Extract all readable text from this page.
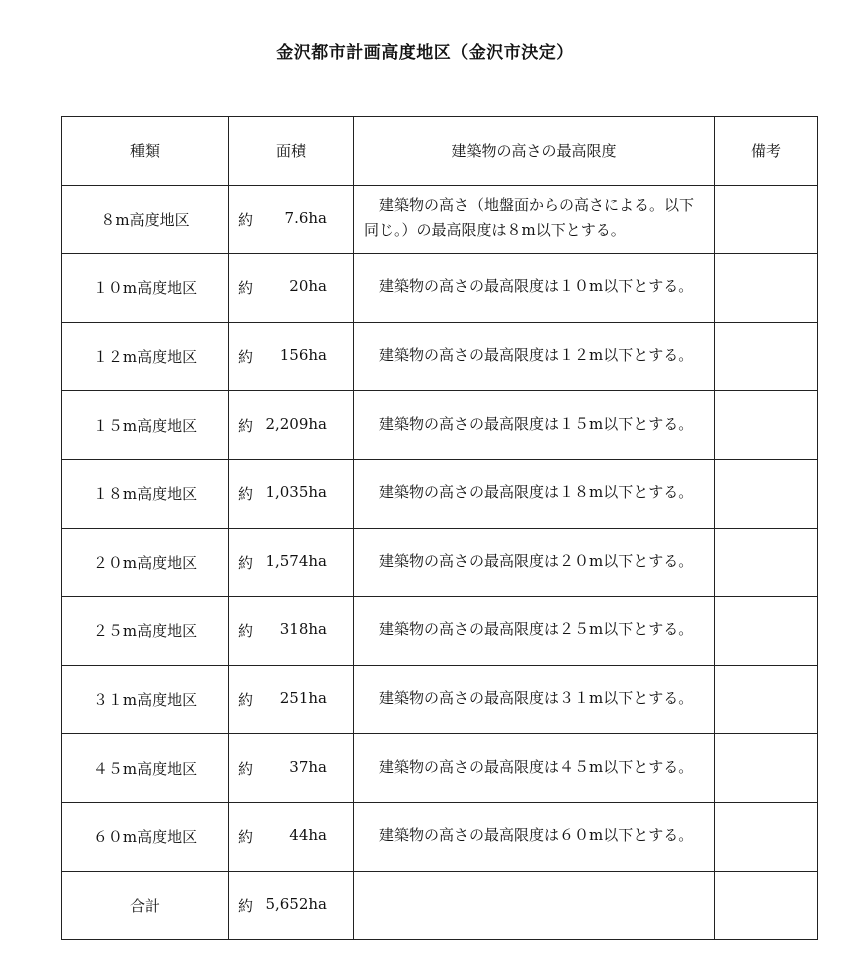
金沢都市計画高度地区（金沢市決定）
種類	面積	建築物の高さの最高限度	備考
８m高度地区	約 7.6ha	建築物の高さ（地盤面からの高さによる。以下同じ。）の最高限度は８m以下とする。	

１０m高度地区	約 20ha	建築物の高さの最高限度は１０m以下とする。	

１２m高度地区	約 156ha	建築物の高さの最高限度は１２m以下とする。	

１５m高度地区	約 2,209ha	建築物の高さの最高限度は１５m以下とする。	

１８m高度地区	約 1,035ha	建築物の高さの最高限度は１８m以下とする。	

２０m高度地区	約 1,574ha	建築物の高さの最高限度は２０m以下とする。	

２５m高度地区	約 318ha	建築物の高さの最高限度は２５m以下とする。	

３１m高度地区	約 251ha	建築物の高さの最高限度は３１m以下とする。	

４５m高度地区	約 37ha	建築物の高さの最高限度は４５m以下とする。	

６０m高度地区	約 44ha	建築物の高さの最高限度は６０m以下とする。	

合計	約 5,652ha		
